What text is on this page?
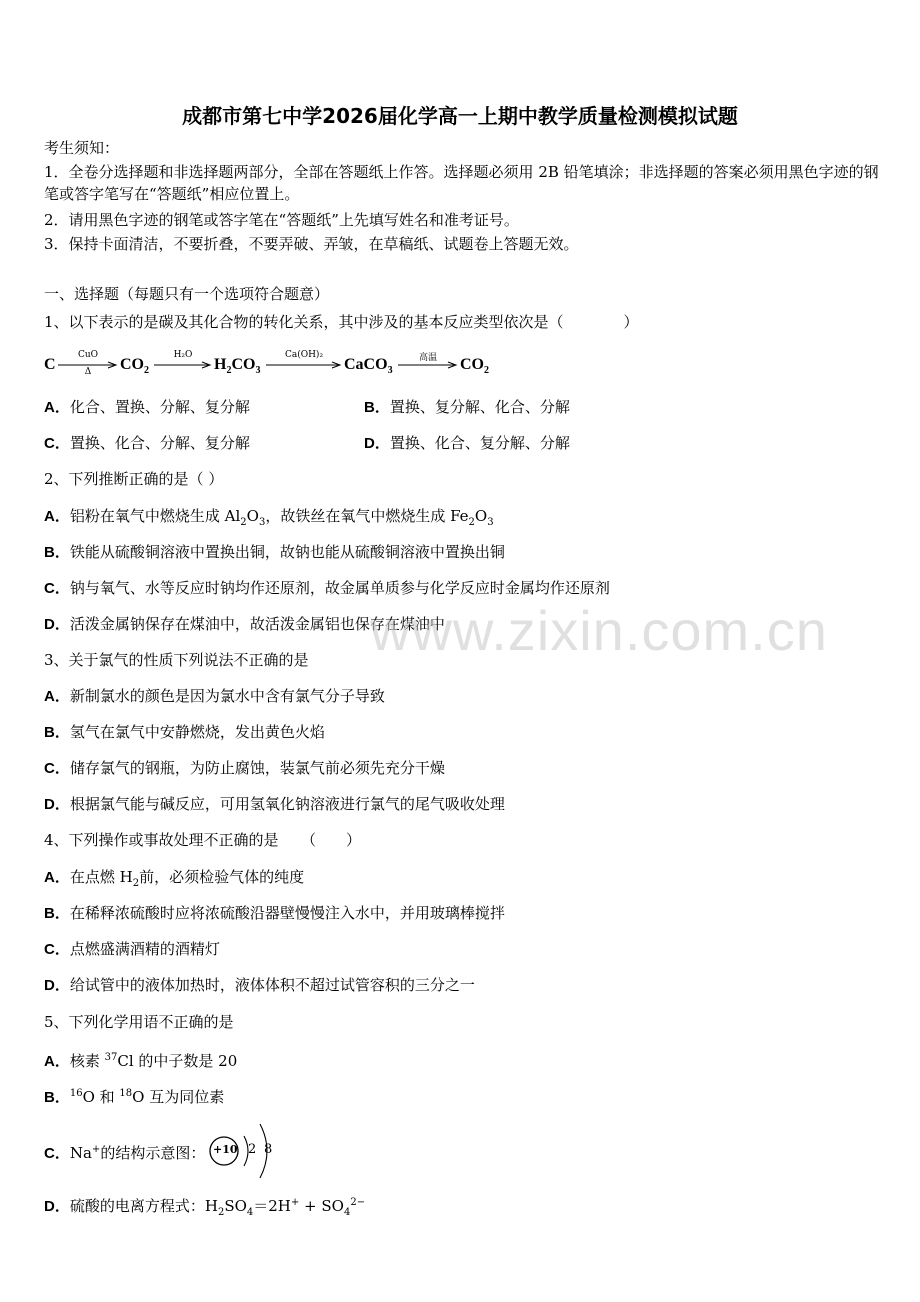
成都市第七中学2026届化学高一上期中教学质量检测模拟试题
考生须知：
1．全卷分选择题和非选择题两部分，全部在答题纸上作答。选择题必须用 2B 铅笔填涂；非选择题的答案必须用黑色字迹的钢笔或答字笔写在“答题纸”相应位置上。
2．请用黑色字迹的钢笔或答字笔在“答题纸”上先填写姓名和准考证号。
3．保持卡面清洁，不要折叠，不要弄破、弄皱，在草稿纸、试题卷上答题无效。
一、选择题（每题只有一个选项符合题意）
1、以下表示的是碳及其化合物的转化关系，其中涉及的基本反应类型依次是（　　　　）
C
CuO
Δ	$CO_2$
H₂O
$H_2CO_3$
Ca(OH)₂
CaCO$_3$
高温	$CO_2$
A．化合、置换、分解、复分解	B．置换、复分解、化合、分解
C．置换、化合、分解、复分解	D．置换、化合、复分解、分解
2、下列推断正确的是（ ）
A．铝粉在氧气中燃烧生成 $Al_2O_3$，故铁丝在氧气中燃烧生成 $Fe_2O_3$
B．铁能从硫酸铜溶液中置换出铜，故钠也能从硫酸铜溶液中置换出铜
C．钠与氧气、水等反应时钠均作还原剂，故金属单质参与化学反应时金属均作还原剂
D．活泼金属钠保存在煤油中，故活泼金属铝也保存在煤油中
www.zixin.com.cn
3、关于氯气的性质下列说法不正确的是
A．新制氯水的颜色是因为氯水中含有氯气分子导致
B．氢气在氯气中安静燃烧，发出黄色火焰
C．储存氯气的钢瓶，为防止腐蚀，装氯气前必须先充分干燥
D．根据氯气能与碱反应，可用氢氧化钠溶液进行氯气的尾气吸收处理
4、下列操作或事故处理不正确的是　　（　　）
A．在点燃 $H_2$前，必须检验气体的纯度
B．在稀释浓硫酸时应将浓硫酸沿器壁慢慢注入水中，并用玻璃棒搅拌
C．点燃盛满酒精的酒精灯
D．给试管中的液体加热时，液体体积不超过试管容积的三分之一
5、下列化学用语不正确的是
A．核素 $^{37}$Cl 的中子数是 20
B．$^{16}$O 和 $^{18}$O 互为同位素
C．Na+的结构示意图： +10 2 8
D．硫酸的电离方程式：$H_2SO_4=2H^+ + SO_4^{2-}$
